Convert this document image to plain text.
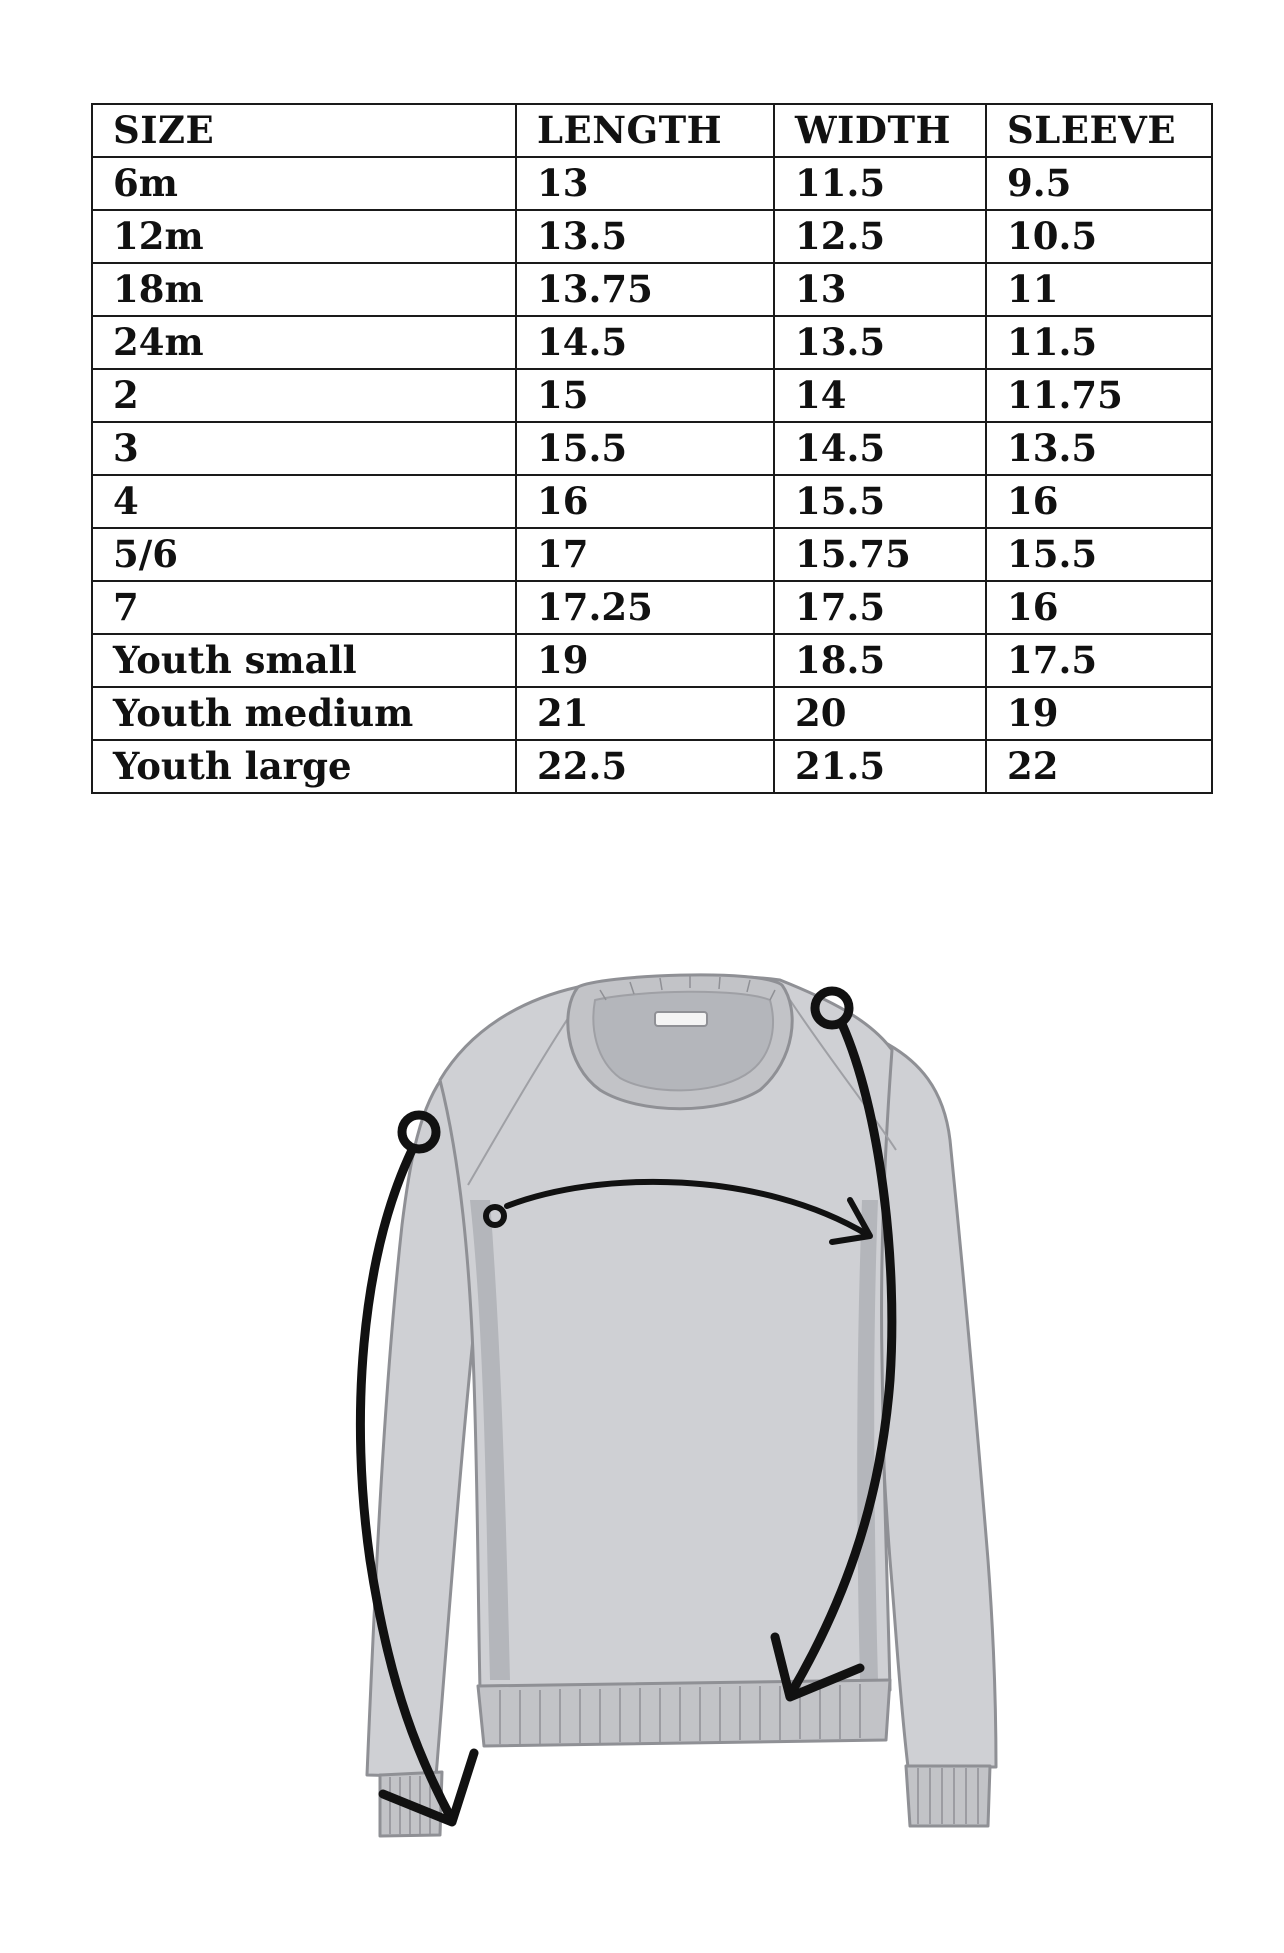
SIZE	LENGTH	WIDTH	SLEEVE
6m	13	11.5	9.5
12m	13.5	12.5	10.5
18m	13.75	13	11
24m	14.5	13.5	11.5
2	15	14	11.75
3	15.5	14.5	13.5
4	16	15.5	16
5/6	17	15.75	15.5
7	17.25	17.5	16
Youth small	19	18.5	17.5
Youth medium	21	20	19
Youth large	22.5	21.5	22
